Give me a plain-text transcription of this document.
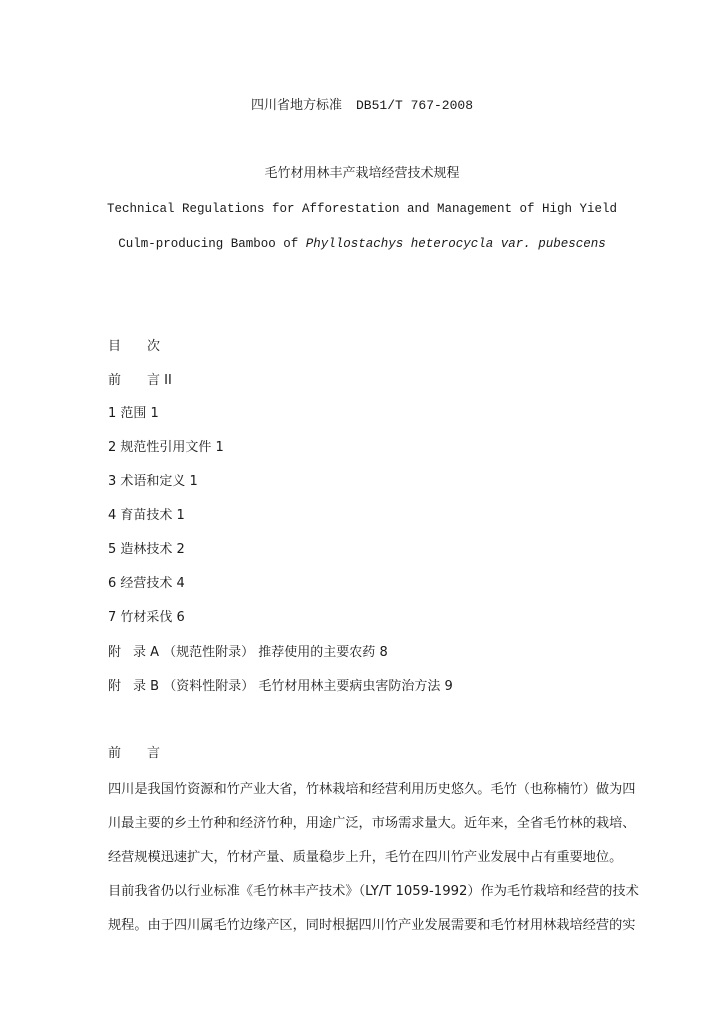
四川省地方标准 DB51/T 767-2008
毛竹材用林丰产栽培经营技术规程
Technical Regulations for Afforestation and Management of High Yield
Culm-producing Bamboo of Phyllostachys heterocycla var. pubescens
目 次
前 言 II
1 范围 1
2 规范性引用文件 1
3 术语和定义 1
4 育苗技术 1
5 造林技术 2
6 经营技术 4
7 竹材采伐 6
附 录 A （规范性附录） 推荐使用的主要农药 8
附 录 B （资料性附录） 毛竹材用林主要病虫害防治方法 9
前 言
四川是我国竹资源和竹产业大省，竹林栽培和经营利用历史悠久。毛竹（也称楠竹）做为四
川最主要的乡土竹种和经济竹种，用途广泛，市场需求量大。近年来，全省毛竹林的栽培、
经营规模迅速扩大，竹材产量、质量稳步上升，毛竹在四川竹产业发展中占有重要地位。
目前我省仍以行业标准《毛竹林丰产技术》（LY/T 1059-1992）作为毛竹栽培和经营的技术
规程。由于四川属毛竹边缘产区，同时根据四川竹产业发展需要和毛竹材用林栽培经营的实
